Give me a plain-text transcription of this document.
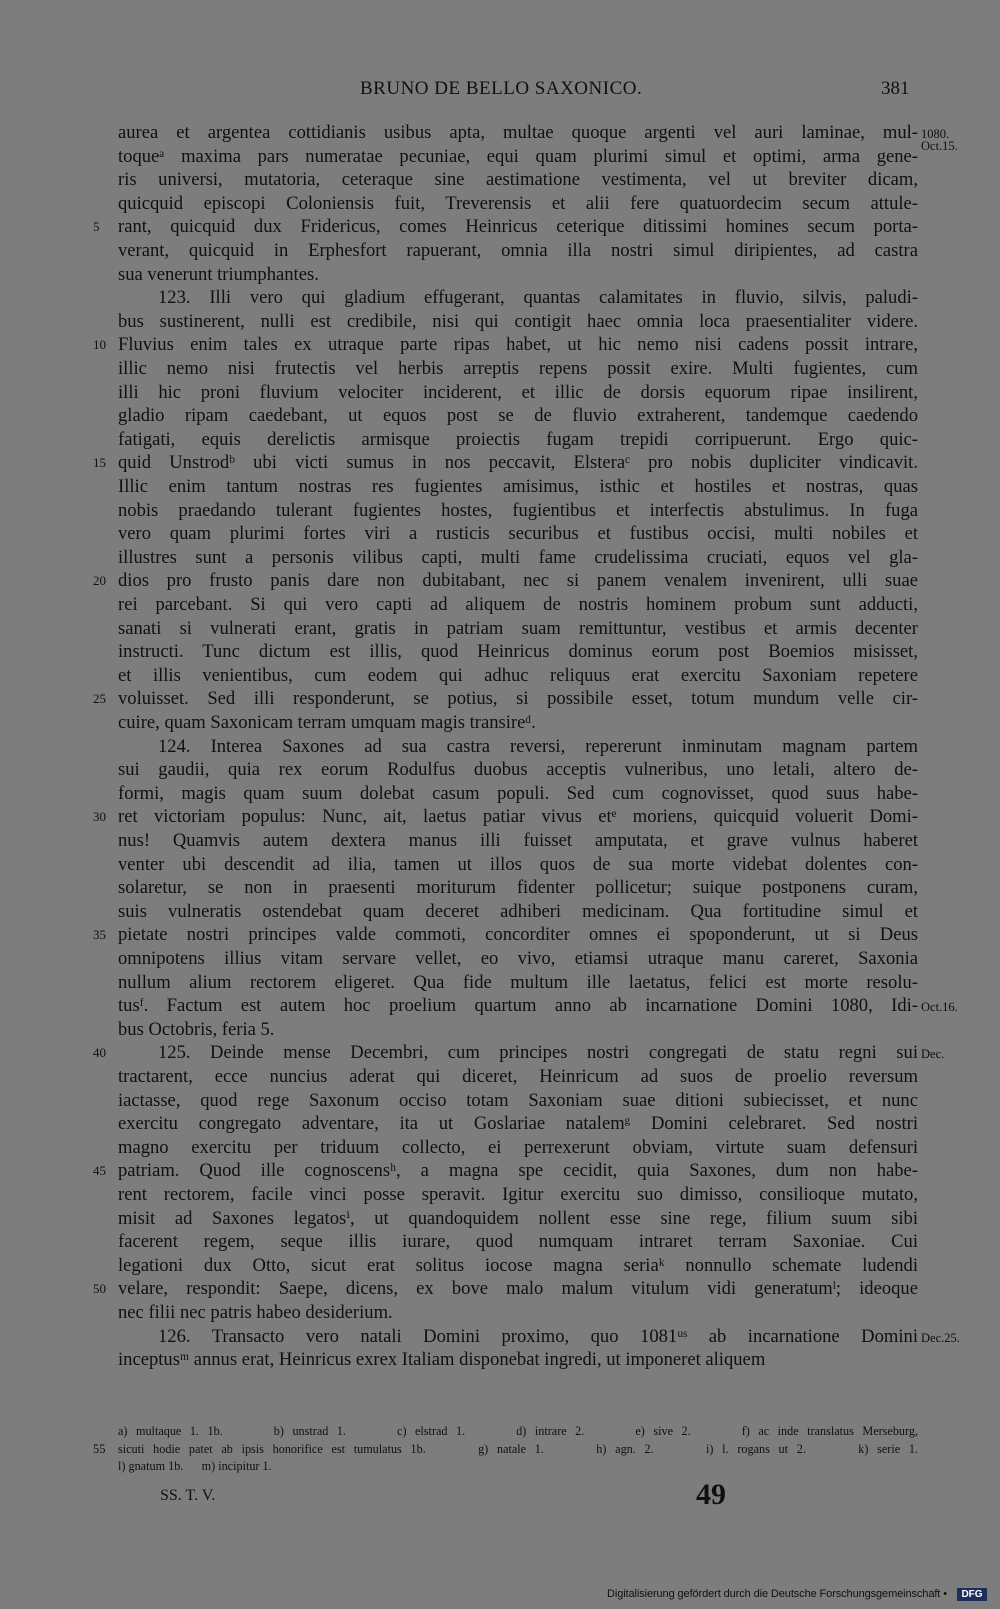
BRUNO DE BELLO SAXONICO.	381
aurea et argentea cottidianis usibus apta, multae quoque argenti vel auri laminae, mul-
toqueᵃ maxima pars numeratae pecuniae, equi quam plurimi simul et optimi, arma gene-
ris universi, mutatoria, ceteraque sine aestimatione vestimenta, vel ut breviter dicam,
quicquid episcopi Coloniensis fuit, Treverensis et alii fere quatuordecim secum attule-
rant, quicquid dux Fridericus, comes Heinricus ceterique ditissimi homines secum porta-
5
verant, quicquid in Erphesfort rapuerant, omnia illa nostri simul diripientes, ad castra
sua venerunt triumphantes.
123. Illi vero qui gladium effugerant, quantas calamitates in fluvio, silvis, paludi-
bus sustinerent, nulli est credibile, nisi qui contigit haec omnia loca praesentialiter videre.
Fluvius enim tales ex utraque parte ripas habet, ut hic nemo nisi cadens possit intrare,
10
illic nemo nisi frutectis vel herbis arreptis repens possit exire. Multi fugientes, cum
illi hic proni fluvium velociter inciderent, et illic de dorsis equorum ripae insilirent,
gladio ripam caedebant, ut equos post se de fluvio extraherent, tandemque caedendo
fatigati, equis derelictis armisque proiectis fugam trepidi corripuerunt. Ergo quic-
quid Unstrodᵇ ubi victi sumus in nos peccavit, Elsteraᶜ pro nobis dupliciter vindicavit.
15
Illic enim tantum nostras res fugientes amisimus, isthic et hostiles et nostras, quas
nobis praedando tulerant fugientes hostes, fugientibus et interfectis abstulimus. In fuga
vero quam plurimi fortes viri a rusticis securibus et fustibus occisi, multi nobiles et
illustres sunt a personis vilibus capti, multi fame crudelissima cruciati, equos vel gla-
dios pro frusto panis dare non dubitabant, nec si panem venalem invenirent, ulli suae
20
rei parcebant. Si qui vero capti ad aliquem de nostris hominem probum sunt adducti,
sanati si vulnerati erant, gratis in patriam suam remittuntur, vestibus et armis decenter
instructi. Tunc dictum est illis, quod Heinricus dominus eorum post Boemios misisset,
et illis venientibus, cum eodem qui adhuc reliquus erat exercitu Saxoniam repetere
voluisset. Sed illi responderunt, se potius, si possibile esset, totum mundum velle cir-
25
cuire, quam Saxonicam terram umquam magis transireᵈ.
124. Interea Saxones ad sua castra reversi, repererunt inminutam magnam partem
sui gaudii, quia rex eorum Rodulfus duobus acceptis vulneribus, uno letali, altero de-
formi, magis quam suum dolebat casum populi. Sed cum cognovisset, quod suus habe-
ret victoriam populus: Nunc, ait, laetus patiar vivus etᵉ moriens, quicquid voluerit Domi-
30
nus! Quamvis autem dextera manus illi fuisset amputata, et grave vulnus haberet
venter ubi descendit ad ilia, tamen ut illos quos de sua morte videbat dolentes con-
solaretur, se non in praesenti moriturum fidenter pollicetur; suique postponens curam,
suis vulneratis ostendebat quam deceret adhiberi medicinam. Qua fortitudine simul et
pietate nostri principes valde commoti, concorditer omnes ei spoponderunt, ut si Deus
35
omnipotens illius vitam servare vellet, eo vivo, etiamsi utraque manu careret, Saxonia
nullum alium rectorem eligeret. Qua fide multum ille laetatus, felici est morte resolu-
tusᶠ. Factum est autem hoc proelium quartum anno ab incarnatione Domini 1080, Idi-
bus Octobris, feria 5.
125. Deinde mense Decembri, cum principes nostri congregati de statu regni sui
40
tractarent, ecce nuncius aderat qui diceret, Heinricum ad suos de proelio reversum
iactasse, quod rege Saxonum occiso totam Saxoniam suae ditioni subiecisset, et nunc
exercitu congregato adventare, ita ut Goslariae natalemᵍ Domini celebraret. Sed nostri
magno exercitu per triduum collecto, ei perrexerunt obviam, virtute suam defensuri
patriam. Quod ille cognoscensʰ, a magna spe cecidit, quia Saxones, dum non habe-
45
rent rectorem, facile vinci posse speravit. Igitur exercitu suo dimisso, consilioque mutato,
misit ad Saxones legatosⁱ, ut quandoquidem nollent esse sine rege, filium suum sibi
facerent regem, seque illis iurare, quod numquam intraret terram Saxoniae. Cui
legationi dux Otto, sicut erat solitus iocose magna seriaᵏ nonnullo schemate ludendi
velare, respondit: Saepe, dicens, ex bove malo malum vitulum vidi generatumˡ; ideoque
50
nec filii nec patris habeo desiderium.
126. Transacto vero natali Domini proximo, quo 1081ᵘˢ ab incarnatione Domini
inceptusᵐ annus erat, Heinricus exrex Italiam disponebat ingredi, ut imponeret aliquem
1080.
Oct.15.
Oct.16.
Dec.
Dec.25.
a) multaque 1. 1b.      b) unstrad 1.      c) elstrad 1.      d) intrare 2.      e) sive 2.      f) ac inde translatus Merseburg,
sicuti hodie patet ab ipsis honorifice est tumulatus 1b.      g) natale 1.      h) agn. 2.      i) l. rogans ut 2.      k) serie 1.
55
l) gnatum 1b.      m) incipitur 1.
SS. T. V.	49
Digitalisierung gefördert durch die Deutsche Forschungsgemeinschaft •	DFG
